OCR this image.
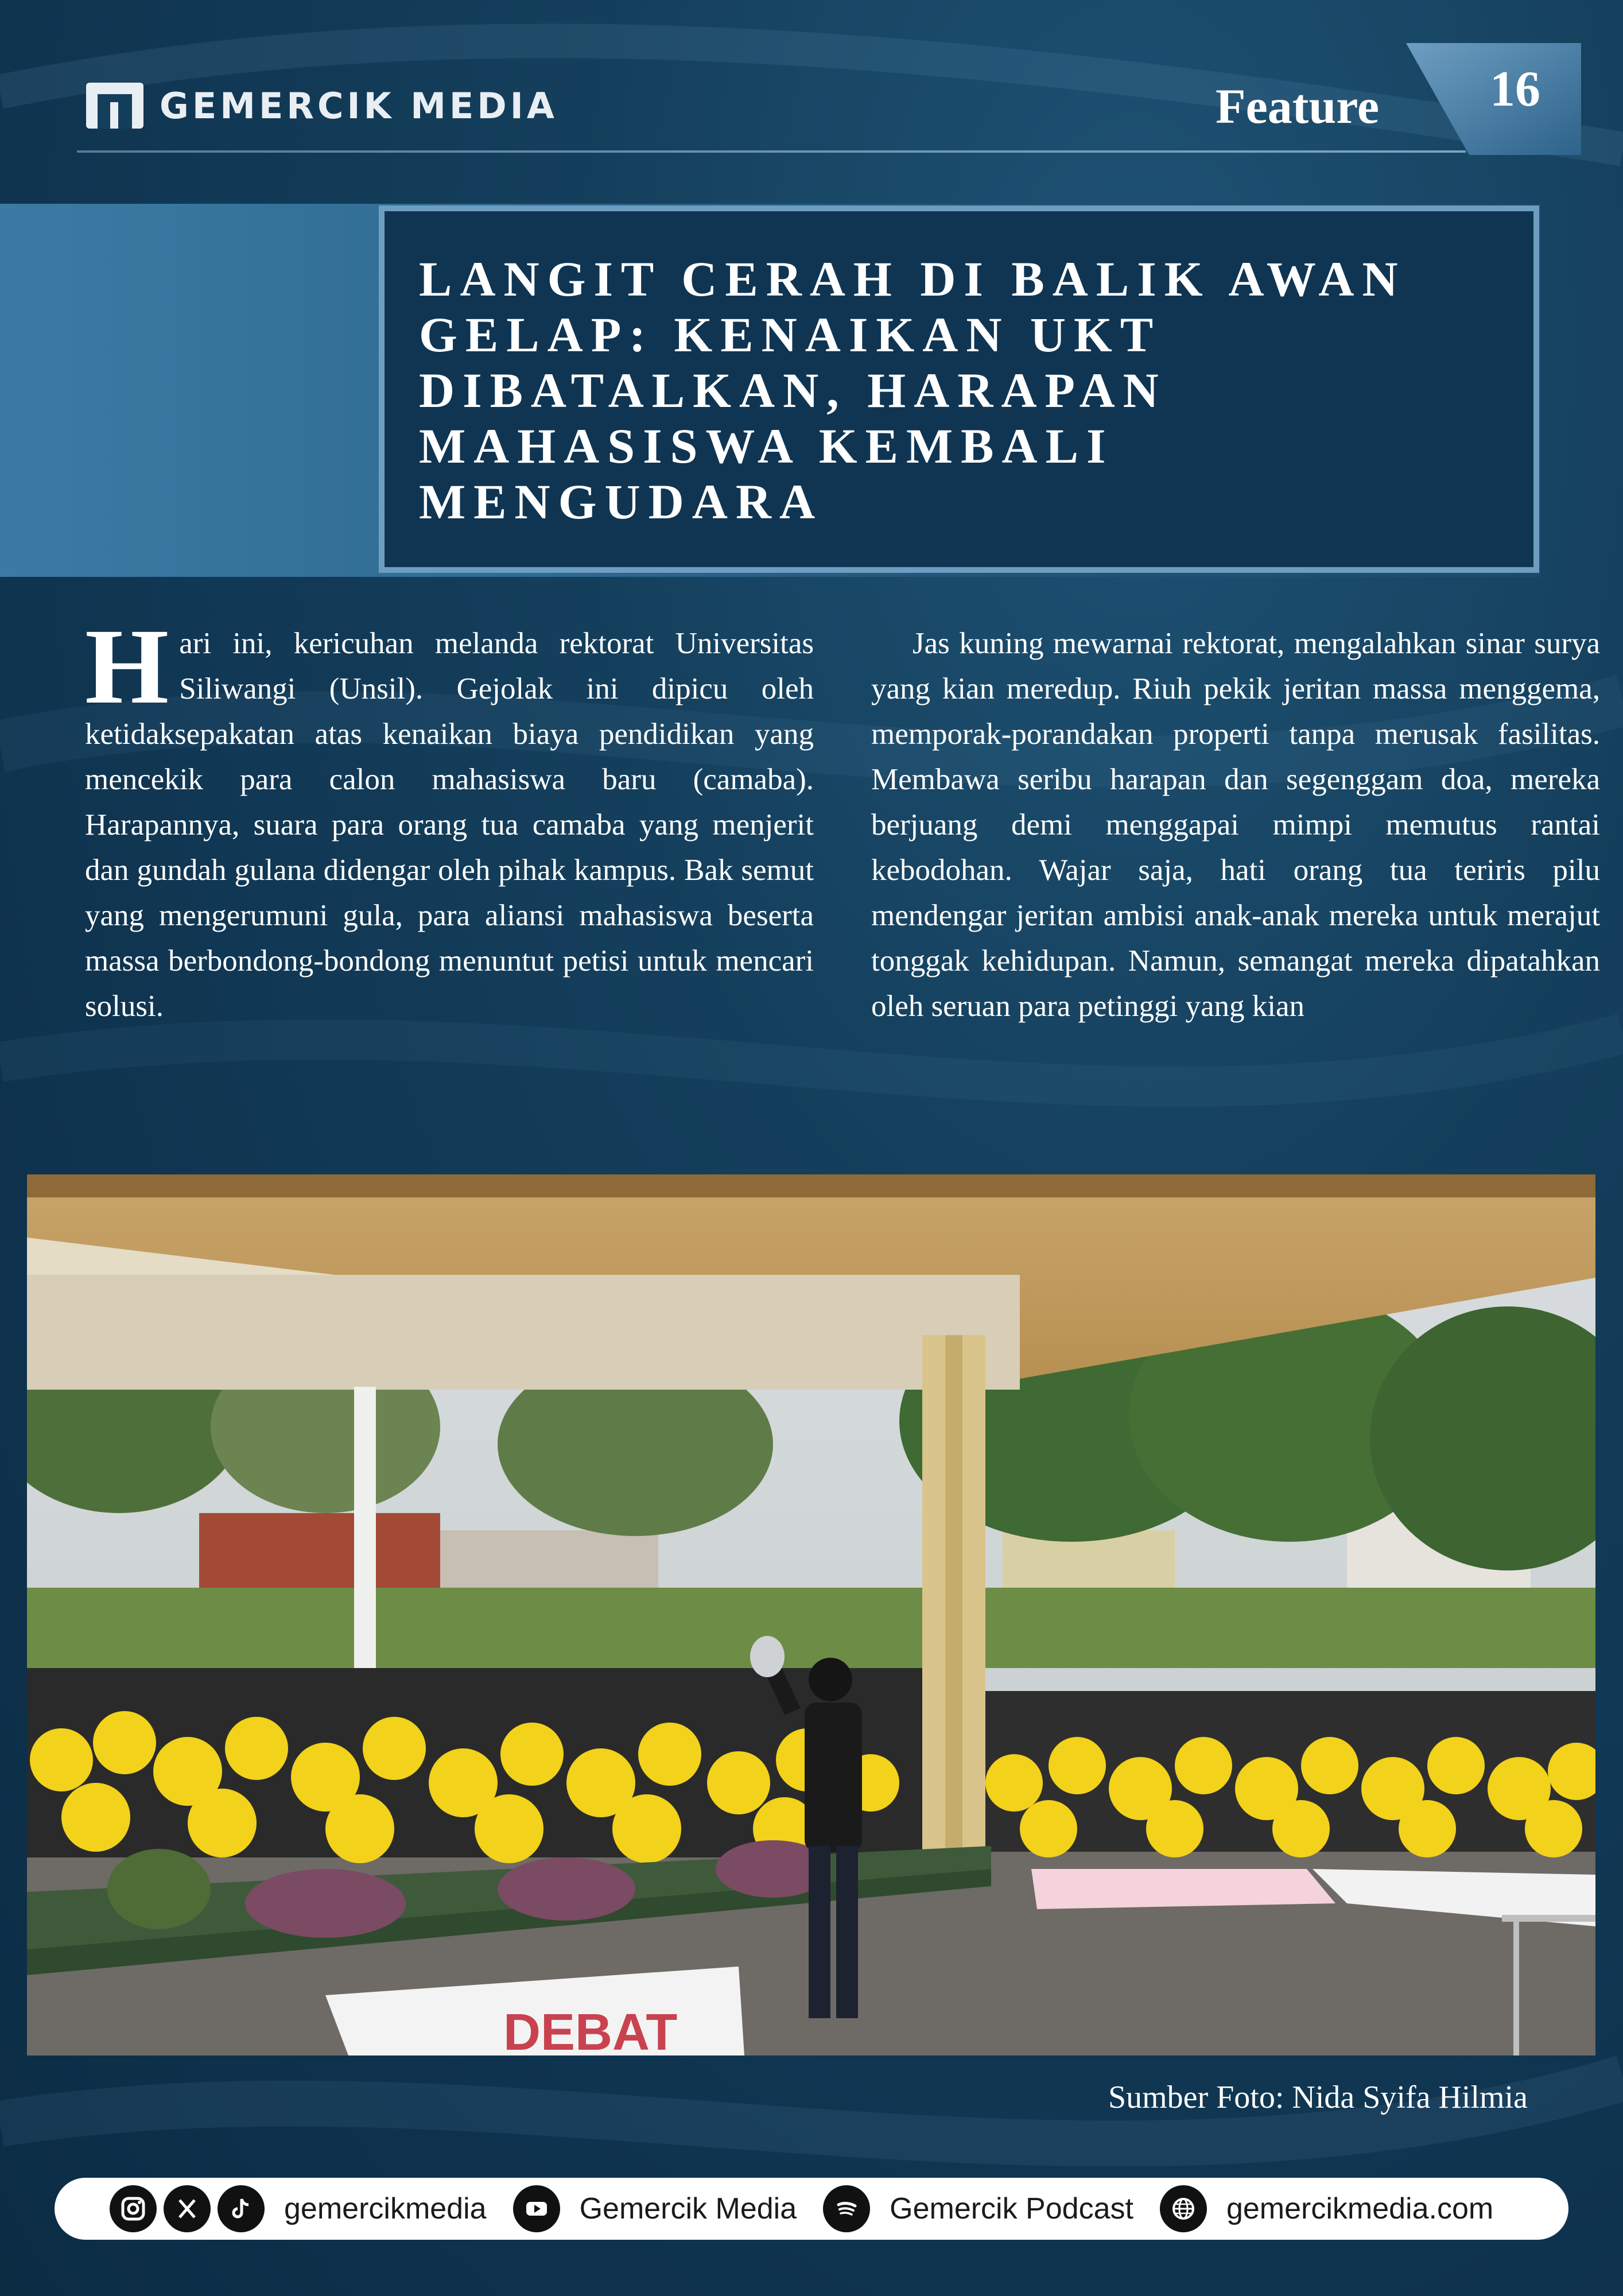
GEMERCIK MEDIA	Feature	16
LANGIT CERAH DI BALIK AWAN GELAP: KENAIKAN UKT DIBATALKAN, HARAPAN MAHASISWA KEMBALI MENGUDARA
Hari ini, kericuhan melanda rektorat Universitas Siliwangi (Unsil). Gejolak ini dipicu oleh ketidaksepakatan atas kenaikan biaya pendidikan yang mencekik para calon mahasiswa baru (camaba). Harapannya, suara para orang tua camaba yang menjerit dan gundah gulana didengar oleh pihak kampus. Bak semut yang mengerumuni gula, para aliansi mahasiswa beserta massa berbondong-bondong menuntut petisi untuk mencari solusi.

Jas kuning mewarnai rektorat, mengalahkan sinar surya yang kian meredup. Riuh pekik jeritan massa menggema, memporak-porandakan properti tanpa merusak fasilitas. Membawa seribu harapan dan segenggam doa, mereka berjuang demi menggapai mimpi memutus rantai kebodohan. Wajar saja, hati orang tua teriris pilu mendengar jeritan ambisi anak-anak mereka untuk merajut tonggak kehidupan. Namun, semangat mereka dipatahkan oleh seruan para petinggi yang kian

DEBAT
Sumber Foto: Nida Syifa Hilmia
gemercikmedia	Gemercik Media	Gemercik Podcast	gemercikmedia.com
